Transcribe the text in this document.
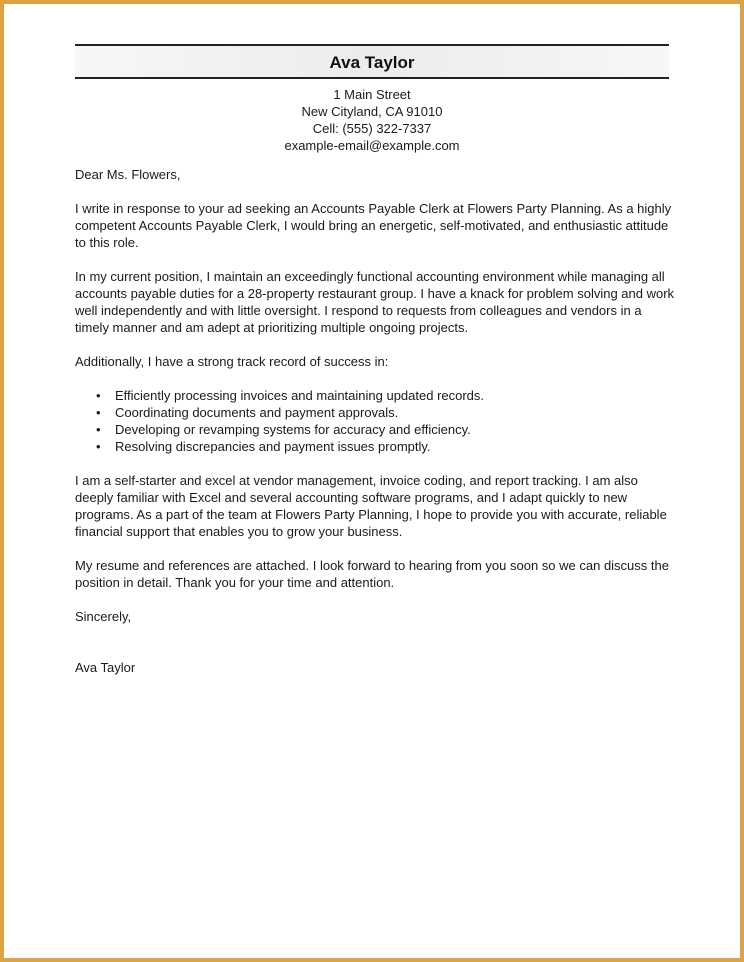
Ava Taylor
1 Main Street
New Cityland, CA 91010
Cell: (555) 322-7337
example-email@example.com

Dear Ms. Flowers,

I write in response to your ad seeking an Accounts Payable Clerk at Flowers Party Planning. As a highly competent Accounts Payable Clerk, I would bring an energetic, self-motivated, and enthusiastic attitude to this role.

In my current position, I maintain an exceedingly functional accounting environment while managing all accounts payable duties for a 28-property restaurant group. I have a knack for problem solving and work well independently and with little oversight. I respond to requests from colleagues and vendors in a timely manner and am adept at prioritizing multiple ongoing projects.

Additionally, I have a strong track record of success in:

• Efficiently processing invoices and maintaining updated records.
• Coordinating documents and payment approvals.
• Developing or revamping systems for accuracy and efficiency.
• Resolving discrepancies and payment issues promptly.

I am a self-starter and excel at vendor management, invoice coding, and report tracking. I am also deeply familiar with Excel and several accounting software programs, and I adapt quickly to new programs. As a part of the team at Flowers Party Planning, I hope to provide you with accurate, reliable financial support that enables you to grow your business.

My resume and references are attached. I look forward to hearing from you soon so we can discuss the position in detail. Thank you for your time and attention.

Sincerely,

Ava Taylor
